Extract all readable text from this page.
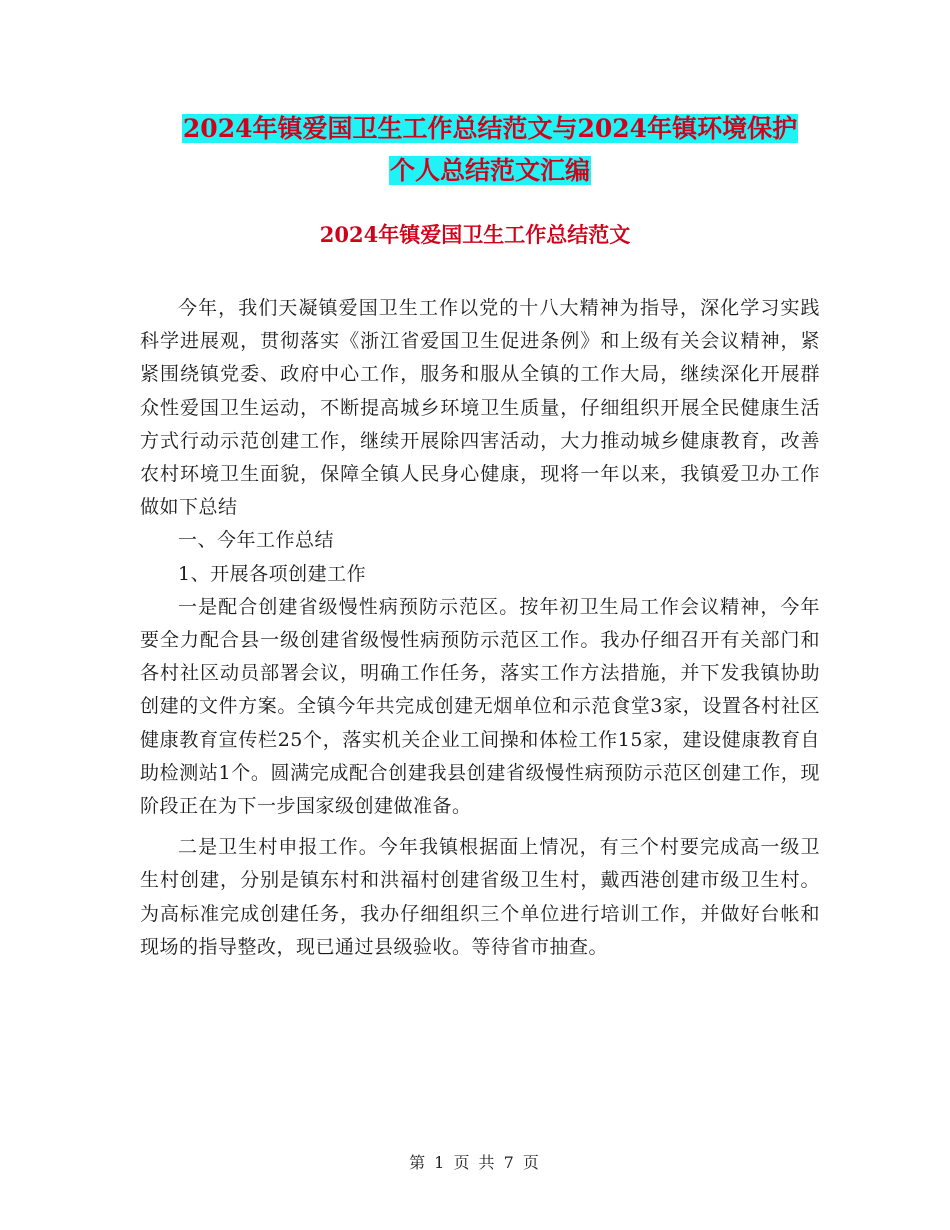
2024年镇爱国卫生工作总结范文与2024年镇环境保护
个人总结范文汇编
2024年镇爱国卫生工作总结范文

今年，我们天凝镇爱国卫生工作以党的十八大精神为指导，深化学习实践科学进展观，贯彻落实《浙江省爱国卫生促进条例》和上级有关会议精神，紧紧围绕镇党委、政府中心工作，服务和服从全镇的工作大局，继续深化开展群众性爱国卫生运动，不断提高城乡环境卫生质量，仔细组织开展全民健康生活方式行动示范创建工作，继续开展除四害活动，大力推动城乡健康教育，改善农村环境卫生面貌，保障全镇人民身心健康，现将一年以来，我镇爱卫办工作做如下总结

一、今年工作总结

1、开展各项创建工作

一是配合创建省级慢性病预防示范区。按年初卫生局工作会议精神，今年要全力配合县一级创建省级慢性病预防示范区工作。我办仔细召开有关部门和各村社区动员部署会议，明确工作任务，落实工作方法措施，并下发我镇协助创建的文件方案。全镇今年共完成创建无烟单位和示范食堂3家，设置各村社区健康教育宣传栏25个，落实机关企业工间操和体检工作15家，建设健康教育自助检测站1个。圆满完成配合创建我县创建省级慢性病预防示范区创建工作，现阶段正在为下一步国家级创建做准备。

二是卫生村申报工作。今年我镇根据面上情况，有三个村要完成高一级卫生村创建，分别是镇东村和洪福村创建省级卫生村，戴西港创建市级卫生村。为高标准完成创建任务，我办仔细组织三个单位进行培训工作，并做好台帐和现场的指导整改，现已通过县级验收。等待省市抽查。

第 1 页 共 7 页
